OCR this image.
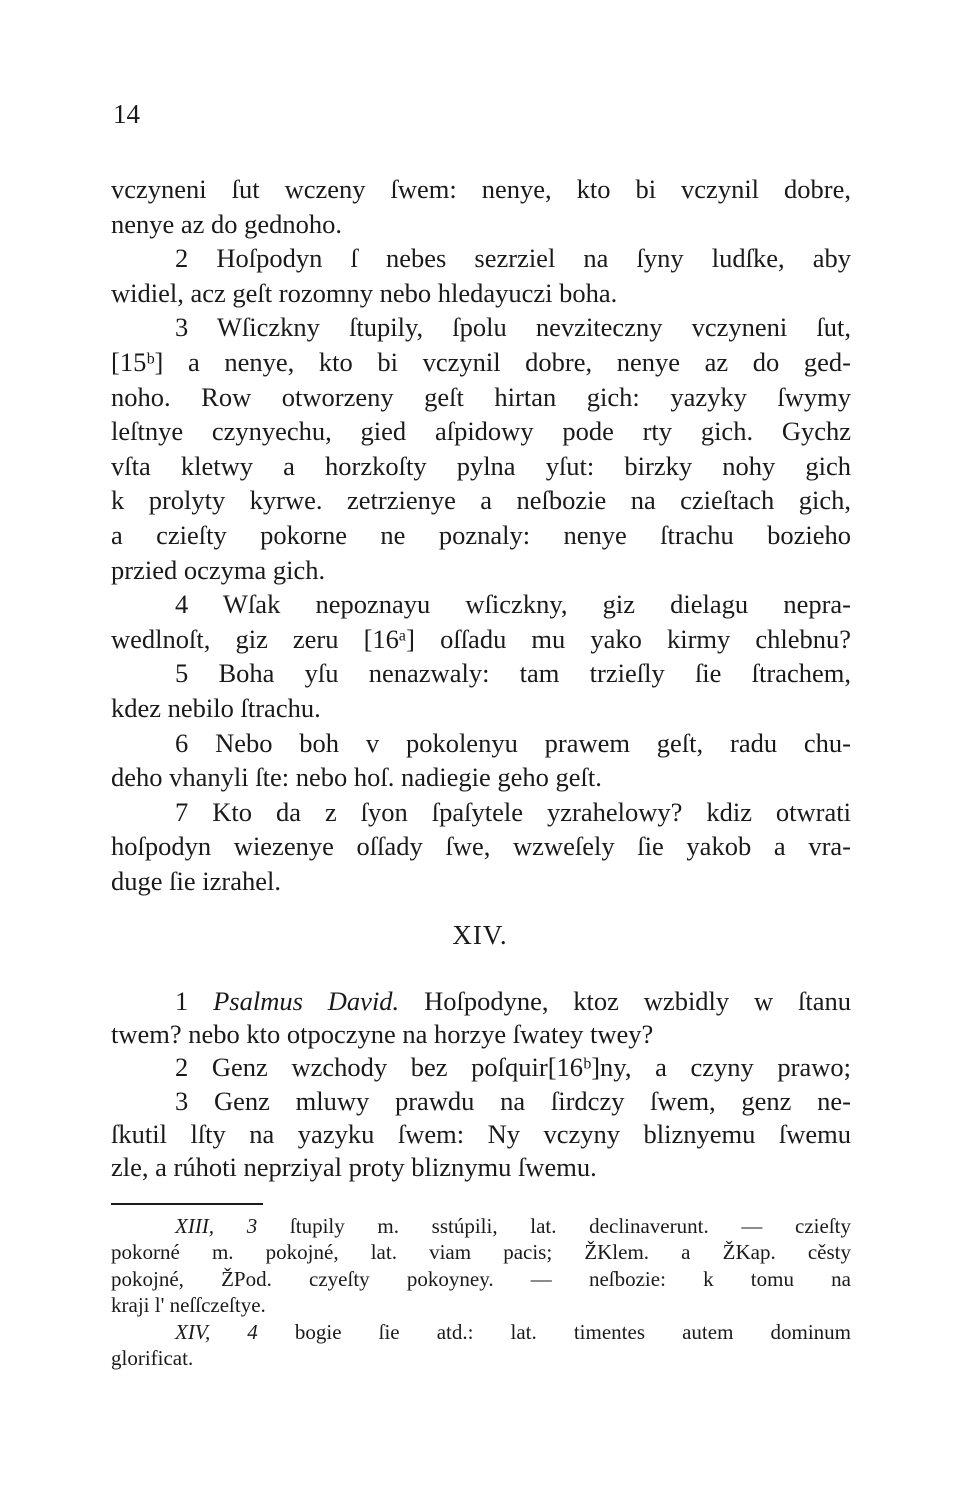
14
vczyneni ſut wczeny ſwem: nenye, kto bi vczynil dobre,
nenye az do gednoho.
2 Hoſpodyn ſ nebes sezrziel na ſyny ludſke, aby
widiel, acz geſt rozomny nebo hledayuczi boha.
3 Wſiczkny ſtupily, ſpolu nevziteczny vczyneni ſut,
[15ᵇ] a nenye, kto bi vczynil dobre, nenye az do ged-
noho. Row otworzeny geſt hirtan gich: yazyky ſwymy
leſtnye czynyechu, gied aſpidowy pode rty gich. Gychz
vſta kletwy a horzkoſty pylna yſut: birzky nohy gich
k prolyty kyrwe. zetrzienye a neſbozie na czieſtach gich,
a czieſty pokorne ne poznaly: nenye ſtrachu bozieho
przied oczyma gich.
4 Wſak nepoznayu wſiczkny, giz dielagu nepra-
wedlnoſt, giz zeru [16ᵃ] oſſadu mu yako kirmy chlebnu?
5 Boha yſu nenazwaly: tam trzieſly ſie ſtrachem,
kdez nebilo ſtrachu.
6 Nebo boh v pokolenyu prawem geſt, radu chu-
deho vhanyli ſte: nebo hoſ. nadiegie geho geſt.
7 Kto da z ſyon ſpaſytele yzrahelowy? kdiz otwrati
hoſpodyn wiezenye oſſady ſwe, wzweſely ſie yakob a vra-
duge ſie izrahel.
XIV.
1 Psalmus David. Hoſpodyne, ktoz wzbidly w ſtanu
twem? nebo kto otpoczyne na horzye ſwatey twey?
2 Genz wzchody bez poſquir[16ᵇ]ny, a czyny prawo;
3 Genz mluwy prawdu na ſirdczy ſwem, genz ne-
ſkutil lſty na yazyku ſwem: Ny vczyny bliznyemu ſwemu
zle, a rúhoti neprziyal proty bliznymu ſwemu.
XIII, 3 ſtupily m. sstúpili, lat. declinaverunt. — czieſty
pokorné m. pokojné, lat. viam pacis; ŽKlem. a ŽKap. cěsty
pokojné, ŽPod. czyeſty pokoyney. — neſbozie: k tomu na
kraji l' neſſczeſtye.
XIV, 4 bogie ſie atd.: lat. timentes autem dominum
glorificat.
